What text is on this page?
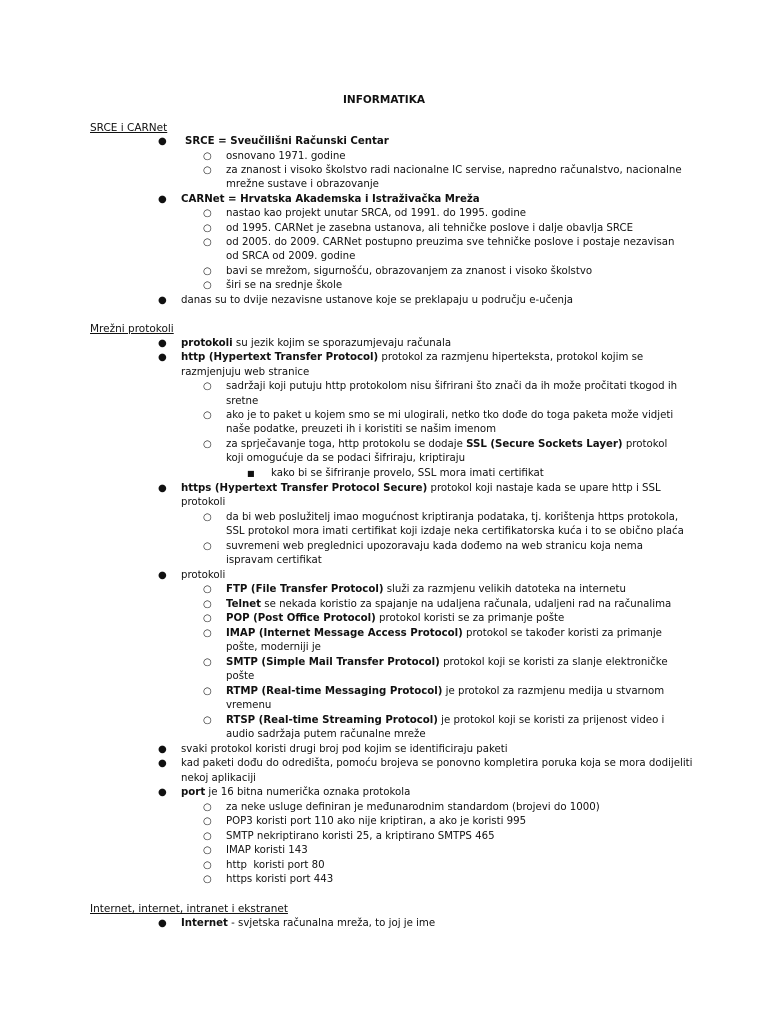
INFORMATIKA
SRCE i CARNet
● SRCE = Sveučilišni Računski Centar
○ osnovano 1971. godine
○ za znanost i visoko školstvo radi nacionalne IC servise, napredno računalstvo, nacionalne
mrežne sustave i obrazovanje
● CARNet = Hrvatska Akademska i Istraživačka Mreža
○ nastao kao projekt unutar SRCA, od 1991. do 1995. godine
○ od 1995. CARNet je zasebna ustanova, ali tehničke poslove i dalje obavlja SRCE
○ od 2005. do 2009. CARNet postupno preuzima sve tehničke poslove i postaje nezavisan
od SRCA od 2009. godine
○ bavi se mrežom, sigurnošću, obrazovanjem za znanost i visoko školstvo
○ širi se na srednje škole
● danas su to dvije nezavisne ustanove koje se preklapaju u području e-učenja
Mrežni protokoli
● protokoli su jezik kojim se sporazumjevaju računala
● http (Hypertext Transfer Protocol) protokol za razmjenu hiperteksta, protokol kojim se
razmjenjuju web stranice
○ sadržaji koji putuju http protokolom nisu šifrirani što znači da ih može pročitati tkogod ih
sretne
○ ako je to paket u kojem smo se mi ulogirali, netko tko dođe do toga paketa može vidjeti
naše podatke, preuzeti ih i koristiti se našim imenom
○ za sprječavanje toga, http protokolu se dodaje SSL (Secure Sockets Layer) protokol
koji omogućuje da se podaci šifriraju, kriptiraju
■ kako bi se šifriranje provelo, SSL mora imati certifikat
● https (Hypertext Transfer Protocol Secure) protokol koji nastaje kada se upare http i SSL
protokoli
○ da bi web poslužitelj imao mogućnost kriptiranja podataka, tj. korištenja https protokola,
SSL protokol mora imati certifikat koji izdaje neka certifikatorska kuća i to se obično plaća
○ suvremeni web preglednici upozoravaju kada dođemo na web stranicu koja nema
ispravam certifikat
● protokoli
○ FTP (File Transfer Protocol) služi za razmjenu velikih datoteka na internetu
○ Telnet se nekada koristio za spajanje na udaljena računala, udaljeni rad na računalima
○ POP (Post Office Protocol) protokol koristi se za primanje pošte
○ IMAP (Internet Message Access Protocol) protokol se također koristi za primanje
pošte, moderniji je
○ SMTP (Simple Mail Transfer Protocol) protokol koji se koristi za slanje elektroničke
pošte
○ RTMP (Real-time Messaging Protocol) je protokol za razmjenu medija u stvarnom
vremenu
○ RTSP (Real-time Streaming Protocol) je protokol koji se koristi za prijenost video i
audio sadržaja putem računalne mreže
● svaki protokol koristi drugi broj pod kojim se identificiraju paketi
● kad paketi dođu do odredišta, pomoću brojeva se ponovno kompletira poruka koja se mora dodijeliti
nekoj aplikaciji
● port je 16 bitna numerička oznaka protokola
○ za neke usluge definiran je međunarodnim standardom (brojevi do 1000)
○ POP3 koristi port 110 ako nije kriptiran, a ako je koristi 995
○ SMTP nekriptirano koristi 25, a kriptirano SMTPS 465
○ IMAP koristi 143
○ http  koristi port 80
○ https koristi port 443
Internet, internet, intranet i ekstranet
● Internet - svjetska računalna mreža, to joj je ime
